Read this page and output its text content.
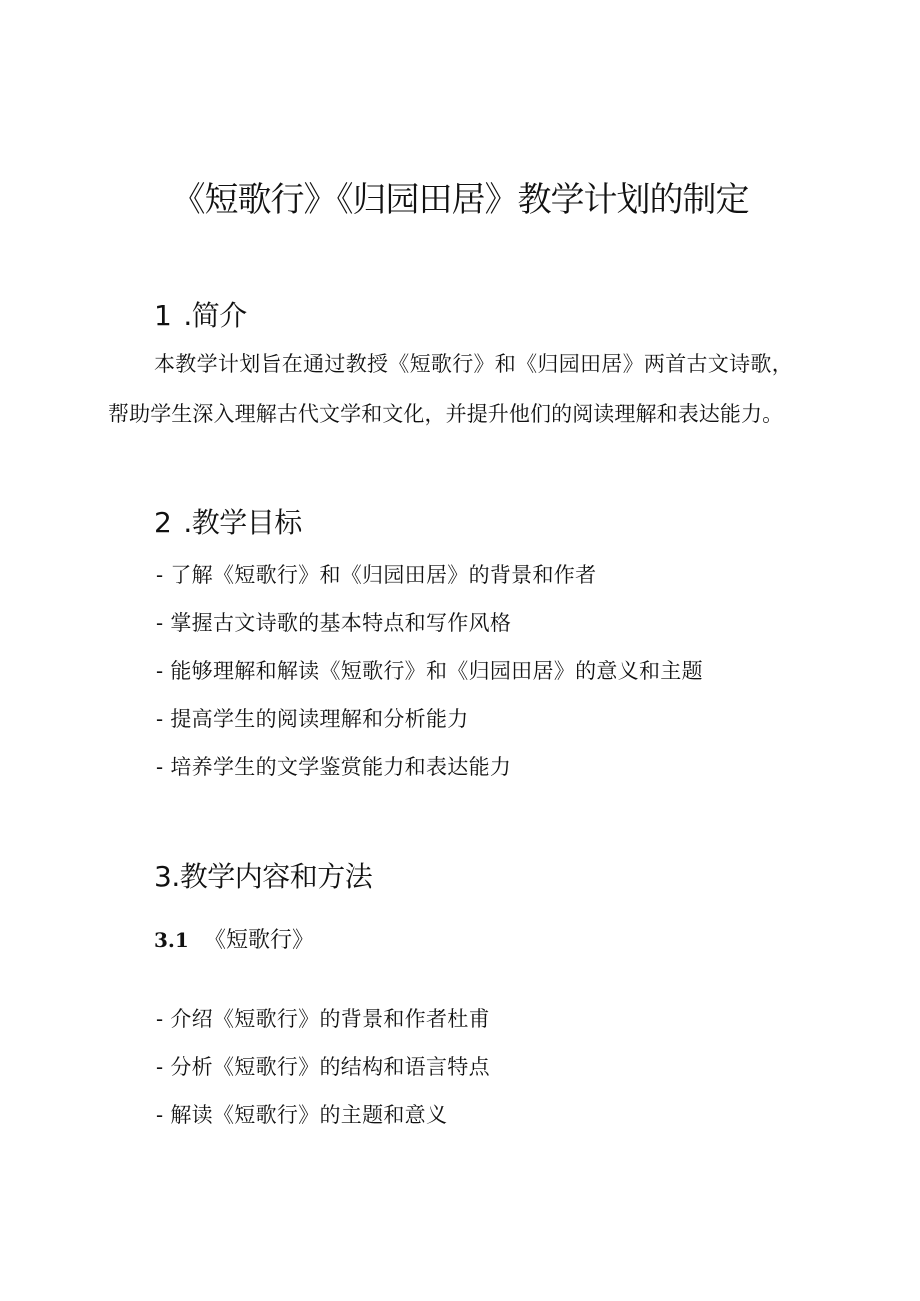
《短歌行》《归园田居》教学计划的制定
1 .简介
本教学计划旨在通过教授《短歌行》和《归园田居》两首古文诗歌，
帮助学生深入理解古代文学和文化，并提升他们的阅读理解和表达能力。
2 .教学目标
- 了解《短歌行》和《归园田居》的背景和作者
- 掌握古文诗歌的基本特点和写作风格
- 能够理解和解读《短歌行》和《归园田居》的意义和主题
- 提高学生的阅读理解和分析能力
- 培养学生的文学鉴赏能力和表达能力
3.教学内容和方法
3.1 《短歌行》
- 介绍《短歌行》的背景和作者杜甫
- 分析《短歌行》的结构和语言特点
- 解读《短歌行》的主题和意义
